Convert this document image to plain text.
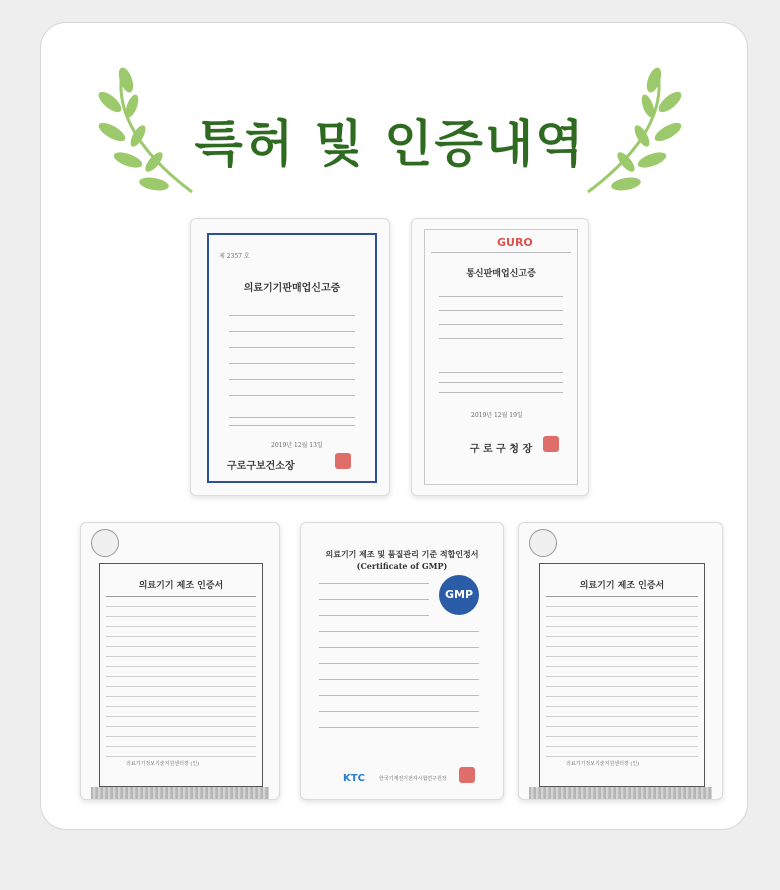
특허 및 인증내역
제 2357 호
의료기기판매업신고증
2019년 12월 13일
구로구보건소장
GURO
통신판매업신고증
2019년 12월 19일
구 로 구 청 장
의료기기 제조 인증서
의료기기정보기술지원센터장 (인)
의료기기 제조 및 품질관리 기준 적합인정서
(Certificate of GMP)
GMP
KTC	한국기계전기전자시험연구원장
의료기기 제조 인증서
의료기기정보기술지원센터장 (인)
